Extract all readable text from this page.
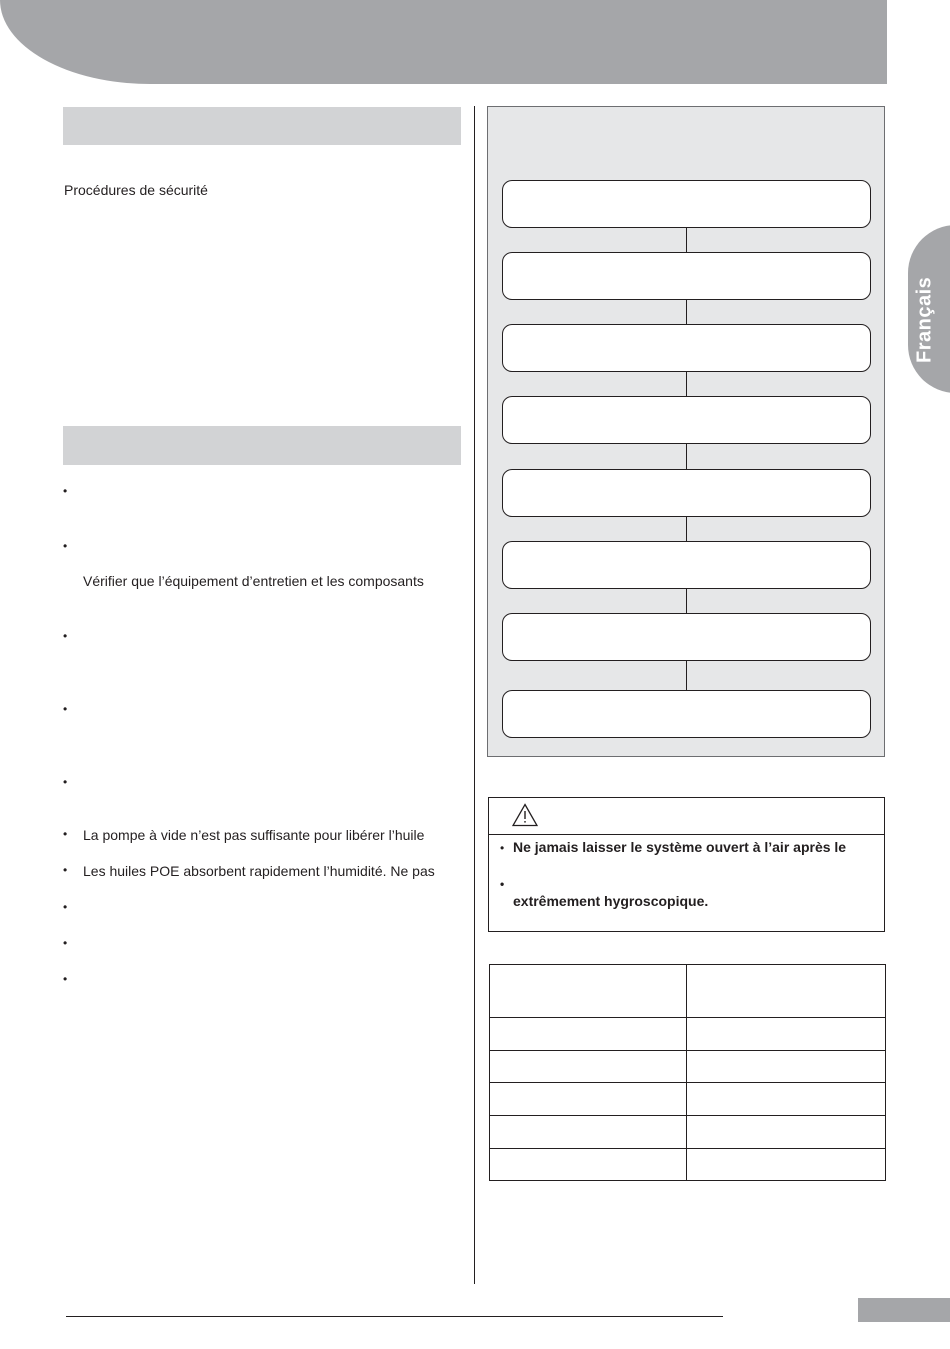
Français
Procédures de sécurité
•
•
Vérifier que l’équipement d’entretien et les composants
•
•
•
• La pompe à vide n’est pas suffisante pour libérer l’huile
• Les huiles POE absorbent rapidement l’humidité. Ne pas
•
•
•
• Ne jamais laisser le système ouvert à l’air après le
•
extrêmement hygroscopique.
